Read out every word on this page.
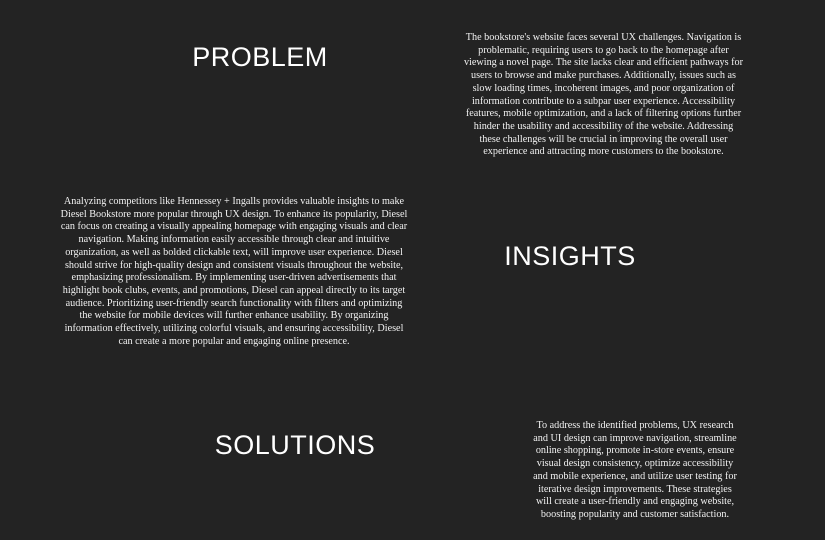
PROBLEM

The bookstore's website faces several UX challenges. Navigation is problematic, requiring users to go back to the homepage after viewing a novel page. The site lacks clear and efficient pathways for users to browse and make purchases. Additionally, issues such as slow loading times, incoherent images, and poor organization of information contribute to a subpar user experience. Accessibility features, mobile optimization, and a lack of filtering options further hinder the usability and accessibility of the website. Addressing these challenges will be crucial in improving the overall user experience and attracting more customers to the bookstore.

Analyzing competitors like Hennessey + Ingalls provides valuable insights to make Diesel Bookstore more popular through UX design. To enhance its popularity, Diesel can focus on creating a visually appealing homepage with engaging visuals and clear navigation. Making information easily accessible through clear and intuitive organization, as well as bolded clickable text, will improve user experience. Diesel should strive for high-quality design and consistent visuals throughout the website, emphasizing professionalism. By implementing user-driven advertisements that highlight book clubs, events, and promotions, Diesel can appeal directly to its target audience. Prioritizing user-friendly search functionality with filters and optimizing the website for mobile devices will further enhance usability. By organizing information effectively, utilizing colorful visuals, and ensuring accessibility, Diesel can create a more popular and engaging online presence.

INSIGHTS
SOLUTIONS

To address the identified problems, UX research and UI design can improve navigation, streamline online shopping, promote in-store events, ensure visual design consistency, optimize accessibility and mobile experience, and utilize user testing for iterative design improvements. These strategies will create a user-friendly and engaging website, boosting popularity and customer satisfaction.
